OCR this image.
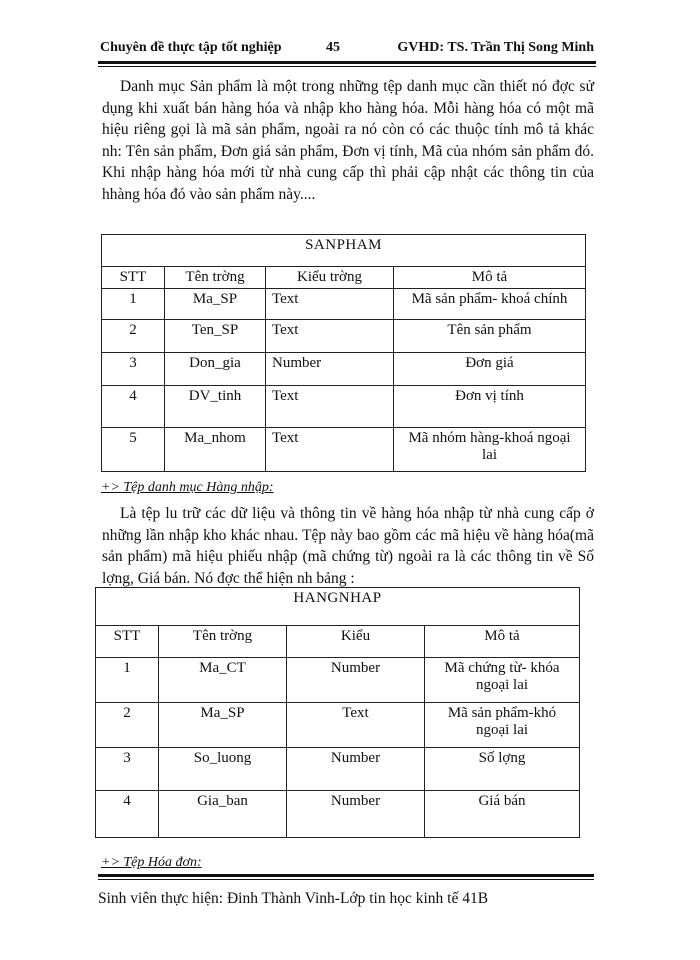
Chuyên đề thực tập tốt nghiệp	45	GVHD: TS. Trần Thị Song Minh

Danh mục Sản phẩm là một trong những tệp danh mục cần thiết nó đợc sử dụng khi xuất bán hàng hóa và nhập kho hàng hóa. Mỗi hàng hóa có một mã hiệu riêng gọi là mã sản phẩm, ngoài ra nó còn có các thuộc tính mô tả khác nh: Tên sản phẩm, Đơn giá sản phẩm, Đơn vị tính, Mã của nhóm sản phẩm đó. Khi nhập hàng hóa mới từ nhà cung cấp thì phải cập nhật các thông tin của hhàng hóa đó vào sản phẩm này....

SANPHAM			
STT	Tên trờng	Kiểu trờng	Mô tả
1	Ma_SP	Text	Mã sản phẩm- khoá chính
2	Ten_SP	Text	Tên sản phẩm
3	Don_gia	Number	Đơn giá
4	DV_tinh	Text	Đơn vị tính
5	Ma_nhom	Text	Mã nhóm hàng-khoá ngoại lai
+> Tệp danh mục Hàng nhập:

Là tệp lu trữ các dữ liệu và thông tin về hàng hóa nhập từ nhà cung cấp ở những lần nhập kho khác nhau. Tệp này bao gồm các mã hiệu về hàng hóa(mã sản phẩm) mã hiệu phiếu nhập (mã chứng từ) ngoài ra là các thông tin về Số lợng, Giá bán. Nó đợc thể hiện nh bảng :

HANGNHAP			
STT	Tên trờng	Kiểu	Mô tả
1	Ma_CT	Number	Mã chứng từ- khóa ngoại lai
2	Ma_SP	Text	Mã sản phẩm-khó ngoại lai
3	So_luong	Number	Số lợng
4	Gia_ban	Number	Giá bán
+> Tệp Hóa đơn:
Sinh viên thực hiện: Đinh Thành Vinh-Lớp tin học kinh tế 41B
